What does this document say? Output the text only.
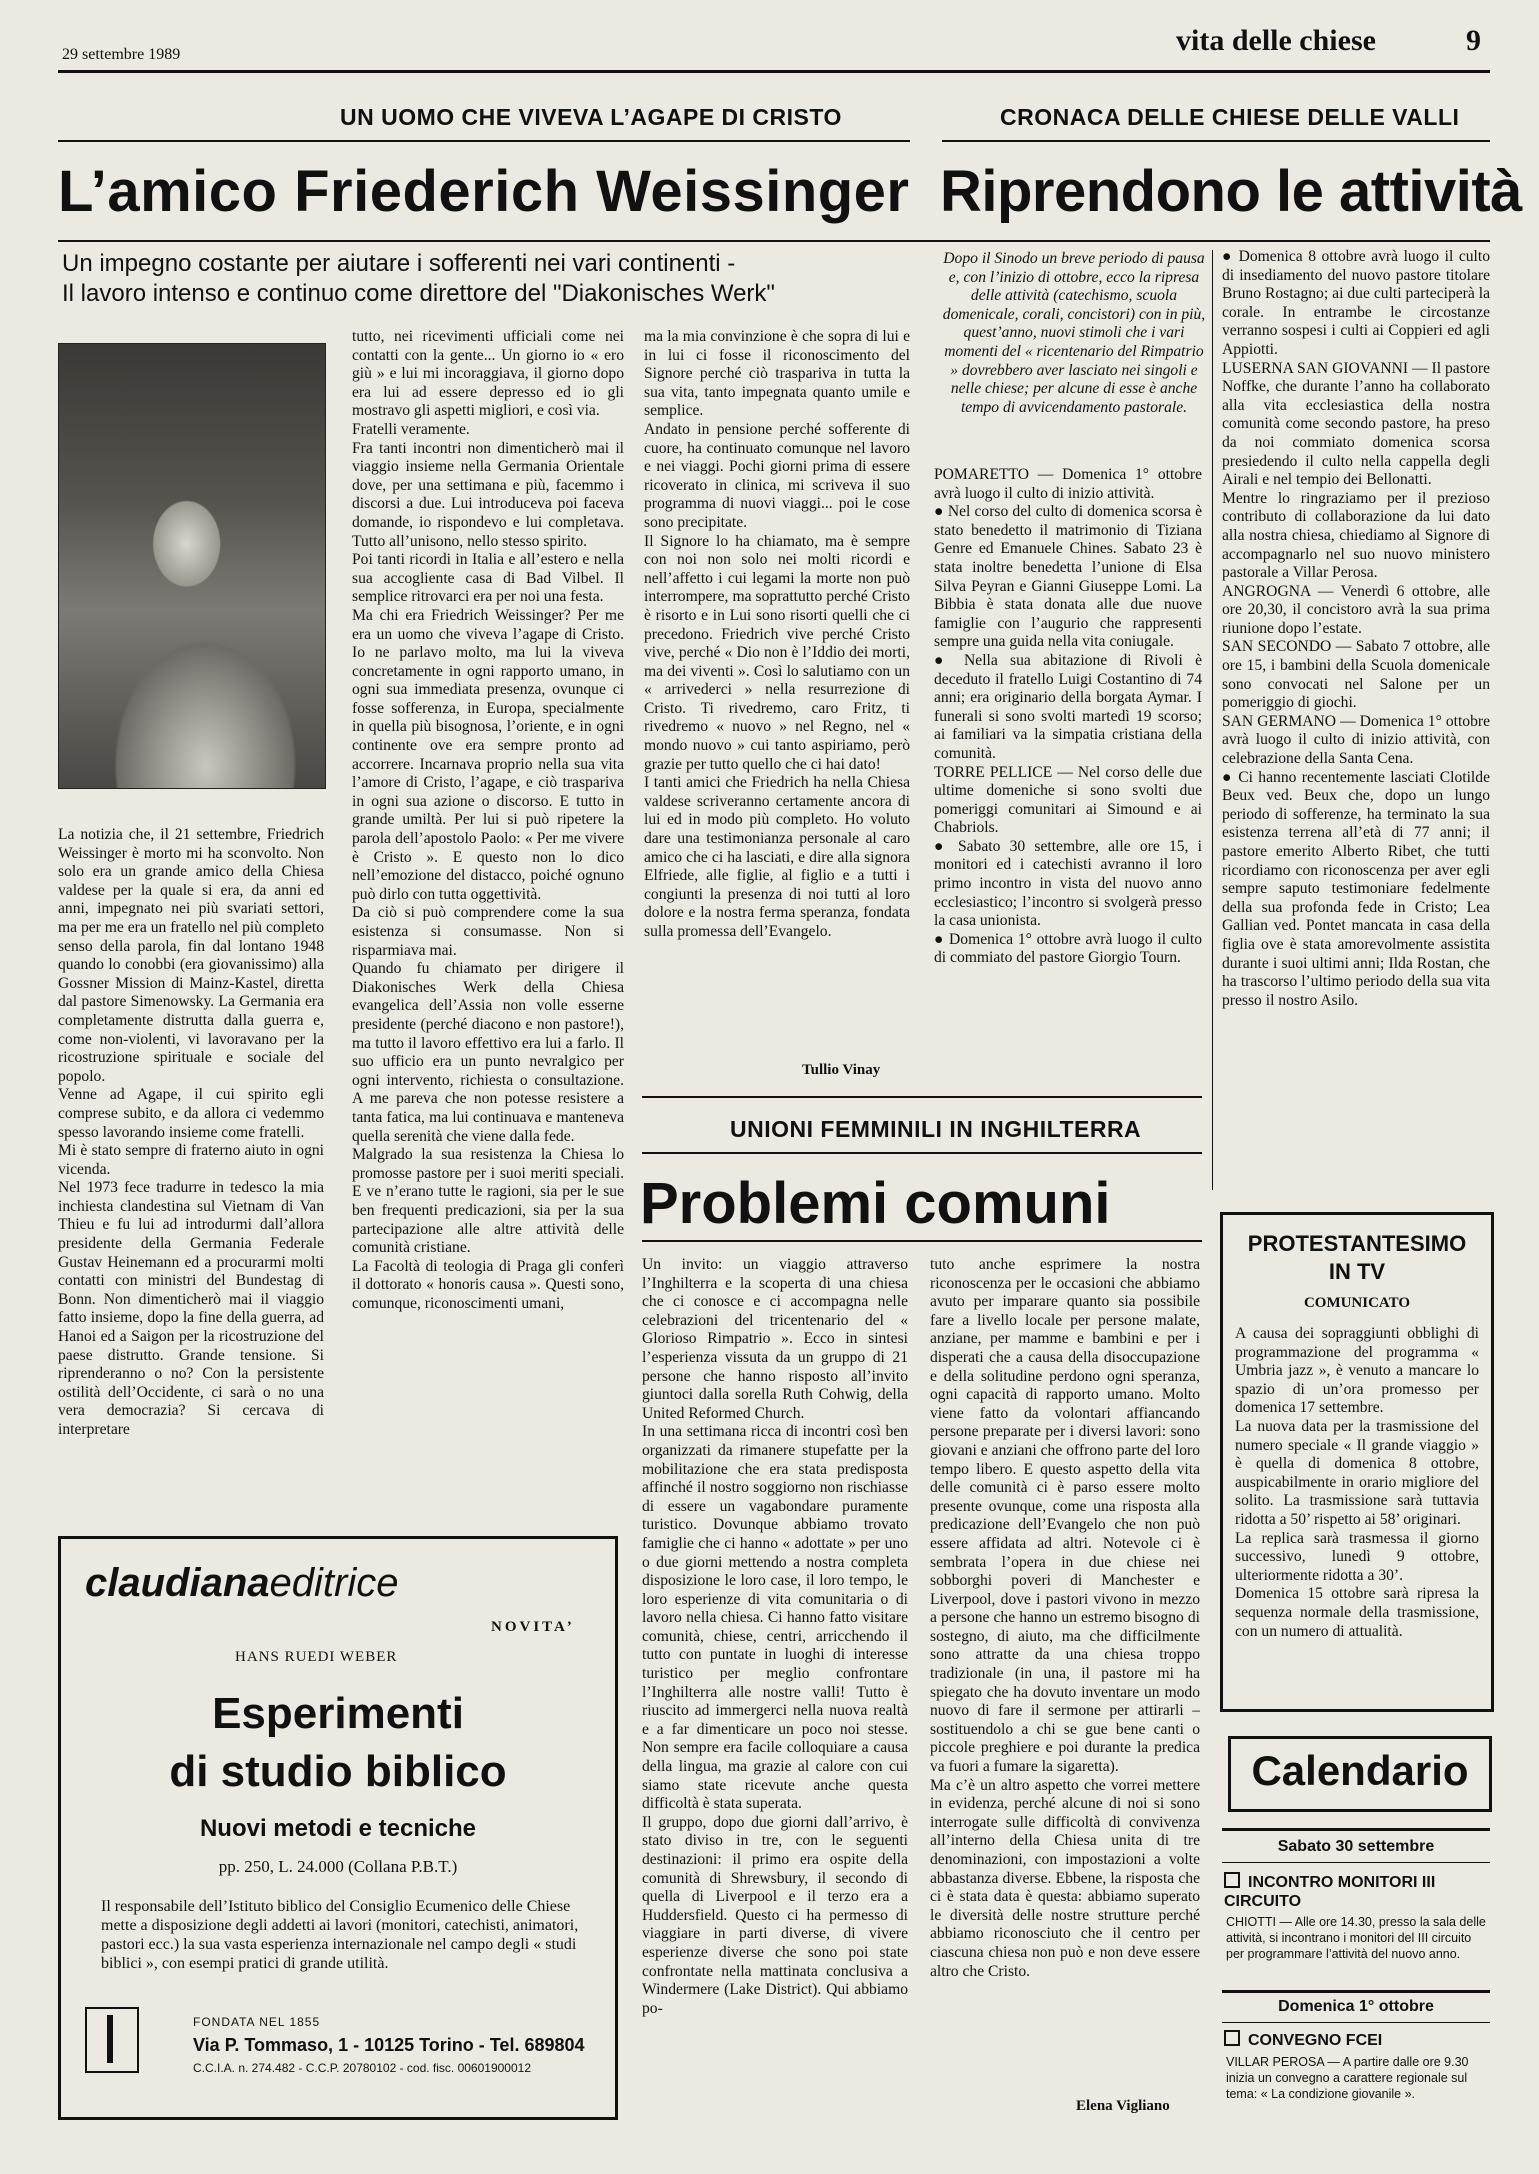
29 settembre 1989	vita delle chiese	9
UN UOMO CHE VIVEVA L’AGAPE DI CRISTO	CRONACA DELLE CHIESE DELLE VALLI
L’amico Friederich Weissinger Riprendono le attività
Un impegno costante per aiutare i sofferenti nei vari continenti -
Il lavoro intenso e continuo come direttore del "Diakonisches Werk"
La notizia che, il 21 settembre, Friedrich Weissinger è morto mi ha sconvolto. Non solo era un grande amico della Chiesa valdese per la quale si era, da anni ed anni, impegnato nei più svariati settori, ma per me era un fratello nel più completo senso della parola, fin dal lontano 1948 quando lo conobbi (era giovanissimo) alla Gossner Mission di Mainz-Kastel, diretta dal pastore Simenowsky. La Germania era completamente distrutta dalla guerra e, come non-violenti, vi lavoravano per la ricostruzione spirituale e sociale del popolo.
Venne ad Agape, il cui spirito egli comprese subito, e da allora ci vedemmo spesso lavorando insieme come fratelli.
Mi è stato sempre di fraterno aiuto in ogni vicenda.
Nel 1973 fece tradurre in tedesco la mia inchiesta clandestina sul Vietnam di Van Thieu e fu lui ad introdurmi dall’allora presidente della Germania Federale Gustav Heinemann ed a procurarmi molti contatti con ministri del Bundestag di Bonn. Non dimenticherò mai il viaggio fatto insieme, dopo la fine della guerra, ad Hanoi ed a Saigon per la ricostruzione del paese distrutto. Grande tensione. Si riprenderanno o no? Con la persistente ostilità dell’Occidente, ci sarà o no una vera democrazia? Si cercava di interpretare
tutto, nei ricevimenti ufficiali come nei contatti con la gente... Un giorno io « ero giù » e lui mi incoraggiava, il giorno dopo era lui ad essere depresso ed io gli mostravo gli aspetti migliori, e così via.
Fratelli veramente.
Fra tanti incontri non dimenticherò mai il viaggio insieme nella Germania Orientale dove, per una settimana e più, facemmo i discorsi a due. Lui introduceva poi faceva domande, io rispondevo e lui completava. Tutto all’unisono, nello stesso spirito.
Poi tanti ricordi in Italia e all’estero e nella sua accogliente casa di Bad Vilbel. Il semplice ritrovarci era per noi una festa.
Ma chi era Friedrich Weissinger? Per me era un uomo che viveva l’agape di Cristo. Io ne parlavo molto, ma lui la viveva concretamente in ogni rapporto umano, in ogni sua immediata presenza, ovunque ci fosse sofferenza, in Europa, specialmente in quella più bisognosa, l’oriente, e in ogni continente ove era sempre pronto ad accorrere. Incarnava proprio nella sua vita l’amore di Cristo, l’agape, e ciò traspariva in ogni sua azione o discorso. E tutto in grande umiltà. Per lui si può ripetere la parola dell’apostolo Paolo: « Per me vivere è Cristo ». E questo non lo dico nell’emozione del distacco, poiché ognuno può dirlo con tutta oggettività.
Da ciò si può comprendere come la sua esistenza si consumasse. Non si risparmiava mai.
Quando fu chiamato per dirigere il Diakonisches Werk della Chiesa evangelica dell’Assia non volle esserne presidente (perché diacono e non pastore!), ma tutto il lavoro effettivo era lui a farlo. Il suo ufficio era un punto nevralgico per ogni intervento, richiesta o consultazione. A me pareva che non potesse resistere a tanta fatica, ma lui continuava e manteneva quella serenità che viene dalla fede.
Malgrado la sua resistenza la Chiesa lo promosse pastore per i suoi meriti speciali. E ve n’erano tutte le ragioni, sia per le sue ben frequenti predicazioni, sia per la sua partecipazione alle altre attività delle comunità cristiane.
La Facoltà di teologia di Praga gli conferì il dottorato « honoris causa ». Questi sono, comunque, riconoscimenti umani,
ma la mia convinzione è che sopra di lui e in lui ci fosse il riconoscimento del Signore perché ciò traspariva in tutta la sua vita, tanto impegnata quanto umile e semplice.
Andato in pensione perché sofferente di cuore, ha continuato comunque nel lavoro e nei viaggi. Pochi giorni prima di essere ricoverato in clinica, mi scriveva il suo programma di nuovi viaggi... poi le cose sono precipitate.
Il Signore lo ha chiamato, ma è sempre con noi non solo nei molti ricordi e nell’affetto i cui legami la morte non può interrompere, ma soprattutto perché Cristo è risorto e in Lui sono risorti quelli che ci precedono. Friedrich vive perché Cristo vive, perché « Dio non è l’Iddio dei morti, ma dei viventi ». Così lo salutiamo con un « arrivederci » nella resurrezione di Cristo. Ti rivedremo, caro Fritz, ti rivedremo « nuovo » nel Regno, nel « mondo nuovo » cui tanto aspiriamo, però grazie per tutto quello che ci hai dato!
I tanti amici che Friedrich ha nella Chiesa valdese scriveranno certamente ancora di lui ed in modo più completo. Ho voluto dare una testimonianza personale al caro amico che ci ha lasciati, e dire alla signora Elfriede, alle figlie, al figlio e a tutti i congiunti la presenza di noi tutti al loro dolore e la nostra ferma speranza, fondata sulla promessa dell’Evangelo.
Tullio Vinay
Dopo il Sinodo un breve periodo di pausa e, con l’inizio di ottobre, ecco la ripresa delle attività (catechismo, scuola domenicale, corali, concistori) con in più, quest’anno, nuovi stimoli che i vari momenti del « ricentenario del Rimpatrio » dovrebbero aver lasciato nei singoli e nelle chiese; per alcune di esse è anche tempo di avvicendamento pastorale.
POMARETTO — Domenica 1° ottobre avrà luogo il culto di inizio attività.
● Nel corso del culto di domenica scorsa è stato benedetto il matrimonio di Tiziana Genre ed Emanuele Chines. Sabato 23 è stata inoltre benedetta l’unione di Elsa Silva Peyran e Gianni Giuseppe Lomi. La Bibbia è stata donata alle due nuove famiglie con l’augurio che rappresenti sempre una guida nella vita coniugale.
● Nella sua abitazione di Rivoli è deceduto il fratello Luigi Costantino di 74 anni; era originario della borgata Aymar. I funerali si sono svolti martedì 19 scorso; ai familiari va la simpatia cristiana della comunità.
TORRE PELLICE — Nel corso delle due ultime domeniche si sono svolti due pomeriggi comunitari ai Simound e ai Chabriols.
● Sabato 30 settembre, alle ore 15, i monitori ed i catechisti avranno il loro primo incontro in vista del nuovo anno ecclesiastico; l’incontro si svolgerà presso la casa unionista.
● Domenica 1° ottobre avrà luogo il culto di commiato del pastore Giorgio Tourn.
● Domenica 8 ottobre avrà luogo il culto di insediamento del nuovo pastore titolare Bruno Rostagno; ai due culti parteciperà la corale. In entrambe le circostanze verranno sospesi i culti ai Coppieri ed agli Appiotti.
LUSERNA SAN GIOVANNI — Il pastore Noffke, che durante l’anno ha collaborato alla vita ecclesiastica della nostra comunità come secondo pastore, ha preso da noi commiato domenica scorsa presiedendo il culto nella cappella degli Airali e nel tempio dei Bellonatti.
Mentre lo ringraziamo per il prezioso contributo di collaborazione da lui dato alla nostra chiesa, chiediamo al Signore di accompagnarlo nel suo nuovo ministero pastorale a Villar Perosa.
ANGROGNA — Venerdì 6 ottobre, alle ore 20,30, il concistoro avrà la sua prima riunione dopo l’estate.
SAN SECONDO — Sabato 7 ottobre, alle ore 15, i bambini della Scuola domenicale sono convocati nel Salone per un pomeriggio di giochi.
SAN GERMANO — Domenica 1° ottobre avrà luogo il culto di inizio attività, con celebrazione della Santa Cena.
● Ci hanno recentemente lasciati Clotilde Beux ved. Beux che, dopo un lungo periodo di sofferenze, ha terminato la sua esistenza terrena all’età di 77 anni; il pastore emerito Alberto Ribet, che tutti ricordiamo con riconoscenza per aver egli sempre saputo testimoniare fedelmente della sua profonda fede in Cristo; Lea Gallian ved. Pontet mancata in casa della figlia ove è stata amorevolmente assistita durante i suoi ultimi anni; Ilda Rostan, che ha trascorso l’ultimo periodo della sua vita presso il nostro Asilo.
UNIONI FEMMINILI IN INGHILTERRA
Problemi comuni
Un invito: un viaggio attraverso l’Inghilterra e la scoperta di una chiesa che ci conosce e ci accompagna nelle celebrazioni del tricentenario del « Glorioso Rimpatrio ». Ecco in sintesi l’esperienza vissuta da un gruppo di 21 persone che hanno risposto all’invito giuntoci dalla sorella Ruth Cohwig, della United Reformed Church.
In una settimana ricca di incontri così ben organizzati da rimanere stupefatte per la mobilitazione che era stata predisposta affinché il nostro soggiorno non rischiasse di essere un vagabondare puramente turistico. Dovunque abbiamo trovato famiglie che ci hanno « adottate » per uno o due giorni mettendo a nostra completa disposizione le loro case, il loro tempo, le loro esperienze di vita comunitaria o di lavoro nella chiesa. Ci hanno fatto visitare comunità, chiese, centri, arricchendo il tutto con puntate in luoghi di interesse turistico per meglio confrontare l’Inghilterra alle nostre valli! Tutto è riuscito ad immergerci nella nuova realtà e a far dimenticare un poco noi stesse. Non sempre era facile colloquiare a causa della lingua, ma grazie al calore con cui siamo state ricevute anche questa difficoltà è stata superata.
Il gruppo, dopo due giorni dall’arrivo, è stato diviso in tre, con le seguenti destinazioni: il primo era ospite della comunità di Shrewsbury, il secondo di quella di Liverpool e il terzo era a Huddersfield. Questo ci ha permesso di viaggiare in parti diverse, di vivere esperienze diverse che sono poi state confrontate nella mattinata conclusiva a Windermere (Lake District). Qui abbiamo po-
tuto anche esprimere la nostra riconoscenza per le occasioni che abbiamo avuto per imparare quanto sia possibile fare a livello locale per persone malate, anziane, per mamme e bambini e per i disperati che a causa della disoccupazione e della solitudine perdono ogni speranza, ogni capacità di rapporto umano. Molto viene fatto da volontari affiancando persone preparate per i diversi lavori: sono giovani e anziani che offrono parte del loro tempo libero. E questo aspetto della vita delle comunità ci è parso essere molto presente ovunque, come una risposta alla predicazione dell’Evangelo che non può essere affidata ad altri. Notevole ci è sembrata l’opera in due chiese nei sobborghi poveri di Manchester e Liverpool, dove i pastori vivono in mezzo a persone che hanno un estremo bisogno di sostegno, di aiuto, ma che difficilmente sono attratte da una chiesa troppo tradizionale (in una, il pastore mi ha spiegato che ha dovuto inventare un modo nuovo di fare il sermone per attirarli – sostituendolo a chi se gue bene canti o piccole preghiere e poi durante la predica va fuori a fumare la sigaretta).
Ma c’è un altro aspetto che vorrei mettere in evidenza, perché alcune di noi si sono interrogate sulle difficoltà di convivenza all’interno della Chiesa unita di tre denominazioni, con impostazioni a volte abbastanza diverse. Ebbene, la risposta che ci è stata data è questa: abbiamo superato le diversità delle nostre strutture perché abbiamo riconosciuto che il centro per ciascuna chiesa non può e non deve essere altro che Cristo.
Elena Vigliano
claudianaeditrice
NOVITA’
HANS RUEDI WEBER
Esperimenti
di studio biblico
Nuovi metodi e tecniche
pp. 250, L. 24.000 (Collana P.B.T.)
Il responsabile dell’Istituto biblico del Consiglio Ecumenico delle Chiese mette a disposizione degli addetti ai lavori (monitori, catechisti, animatori, pastori ecc.) la sua vasta esperienza internazionale nel campo degli « studi biblici », con esempi pratici di grande utilità.
FONDATA NEL 1855
Via P. Tommaso, 1 - 10125 Torino - Tel. 689804
C.C.I.A. n. 274.482 - C.C.P. 20780102 - cod. fisc. 00601900012
PROTESTANTESIMO
IN TV
COMUNICATO
A causa dei sopraggiunti obblighi di programmazione del programma « Umbria jazz », è venuto a mancare lo spazio di un’ora promesso per domenica 17 settembre.
La nuova data per la trasmissione del numero speciale « Il grande viaggio » è quella di domenica 8 ottobre, auspicabilmente in orario migliore del solito. La trasmissione sarà tuttavia ridotta a 50’ rispetto ai 58’ originari.
La replica sarà trasmessa il giorno successivo, lunedì 9 ottobre, ulteriormente ridotta a 30’.
Domenica 15 ottobre sarà ripresa la sequenza normale della trasmissione, con un numero di attualità.
Calendario
Sabato 30 settembre
INCONTRO MONITORI III CIRCUITO
CHIOTTI — Alle ore 14.30, presso la sala delle attività, si incontrano i monitori del III circuito per programmare l’attività del nuovo anno.
Domenica 1° ottobre
CONVEGNO FCEI
VILLAR PEROSA — A partire dalle ore 9.30 inizia un convegno a carattere regionale sul tema: « La condizione giovanile ».
